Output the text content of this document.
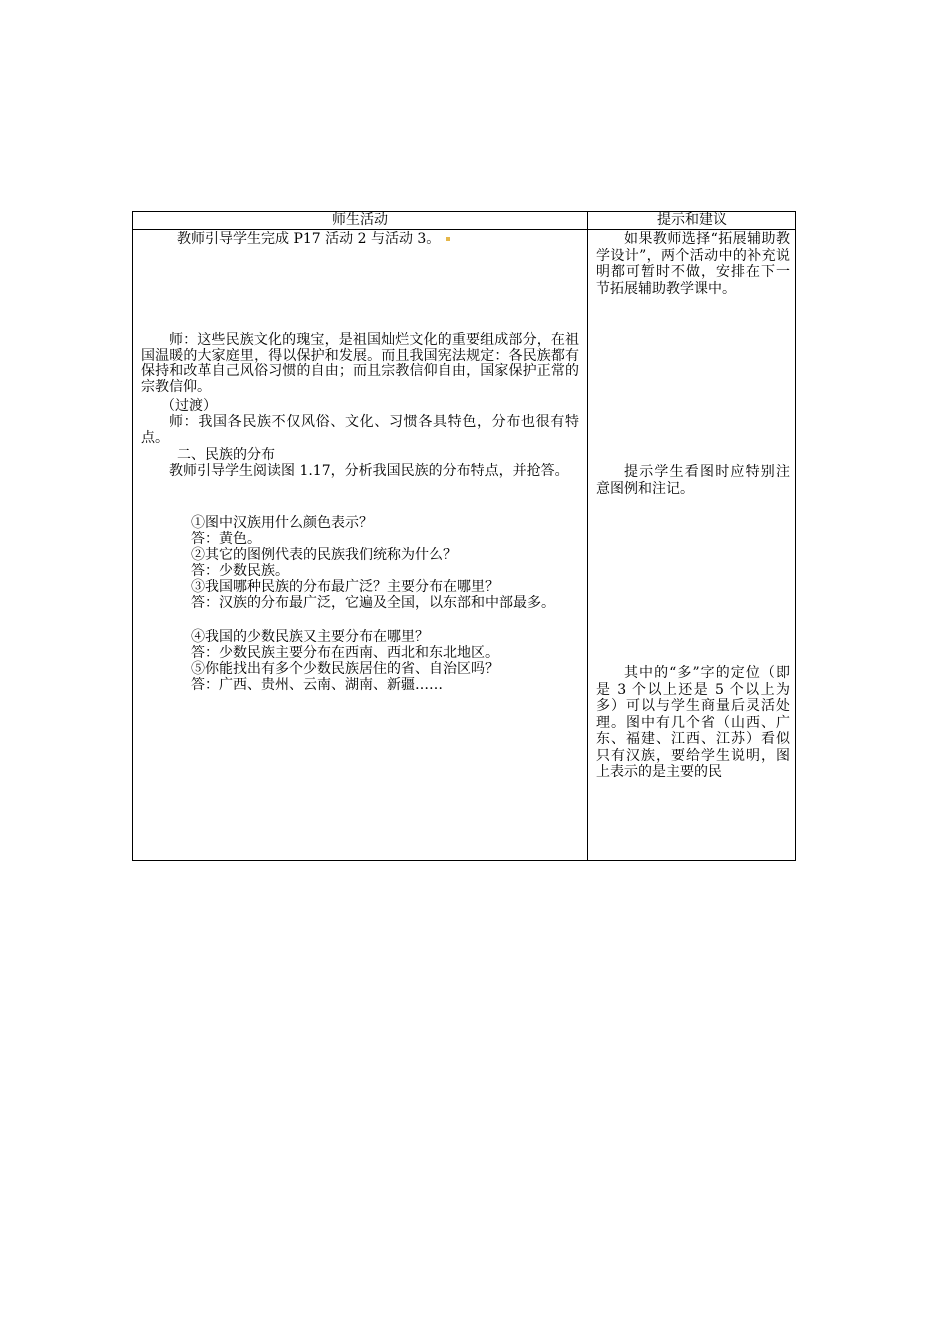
师生活动	提示和建议
教师引导学生完成 P17 活动 2 与活动 3。
师：这些民族文化的瑰宝，是祖国灿烂文化的重要组成部分，在祖国温暖的大家庭里，得以保护和发展。而且我国宪法规定：各民族都有保持和改革自己风俗习惯的自由；而且宗教信仰自由，国家保护正常的宗教信仰。
（过渡）
师：我国各民族不仅风俗、文化、习惯各具特色，分布也很有特点。
二、民族的分布
教师引导学生阅读图 1.17，分析我国民族的分布特点，并抢答。
①图中汉族用什么颜色表示？
答：黄色。
②其它的图例代表的民族我们统称为什么？
答：少数民族。
③我国哪种民族的分布最广泛？主要分布在哪里？
答：汉族的分布最广泛，它遍及全国，以东部和中部最多。
④我国的少数民族又主要分布在哪里？
答：少数民族主要分布在西南、西北和东北地区。
⑤你能找出有多个少数民族居住的省、自治区吗？
答：广西、贵州、云南、湖南、新疆……
如果教师选择“拓展辅助教学设计”，两个活动中的补充说明都可暂时不做，安排在下一节拓展辅助教学课中。
提示学生看图时应特别注意图例和注记。
其中的“多”字的定位（即是 3 个以上还是 5 个以上为多）可以与学生商量后灵活处理。图中有几个省（山西、广东、福建、江西、江苏）看似只有汉族，要给学生说明，图上表示的是主要的民
